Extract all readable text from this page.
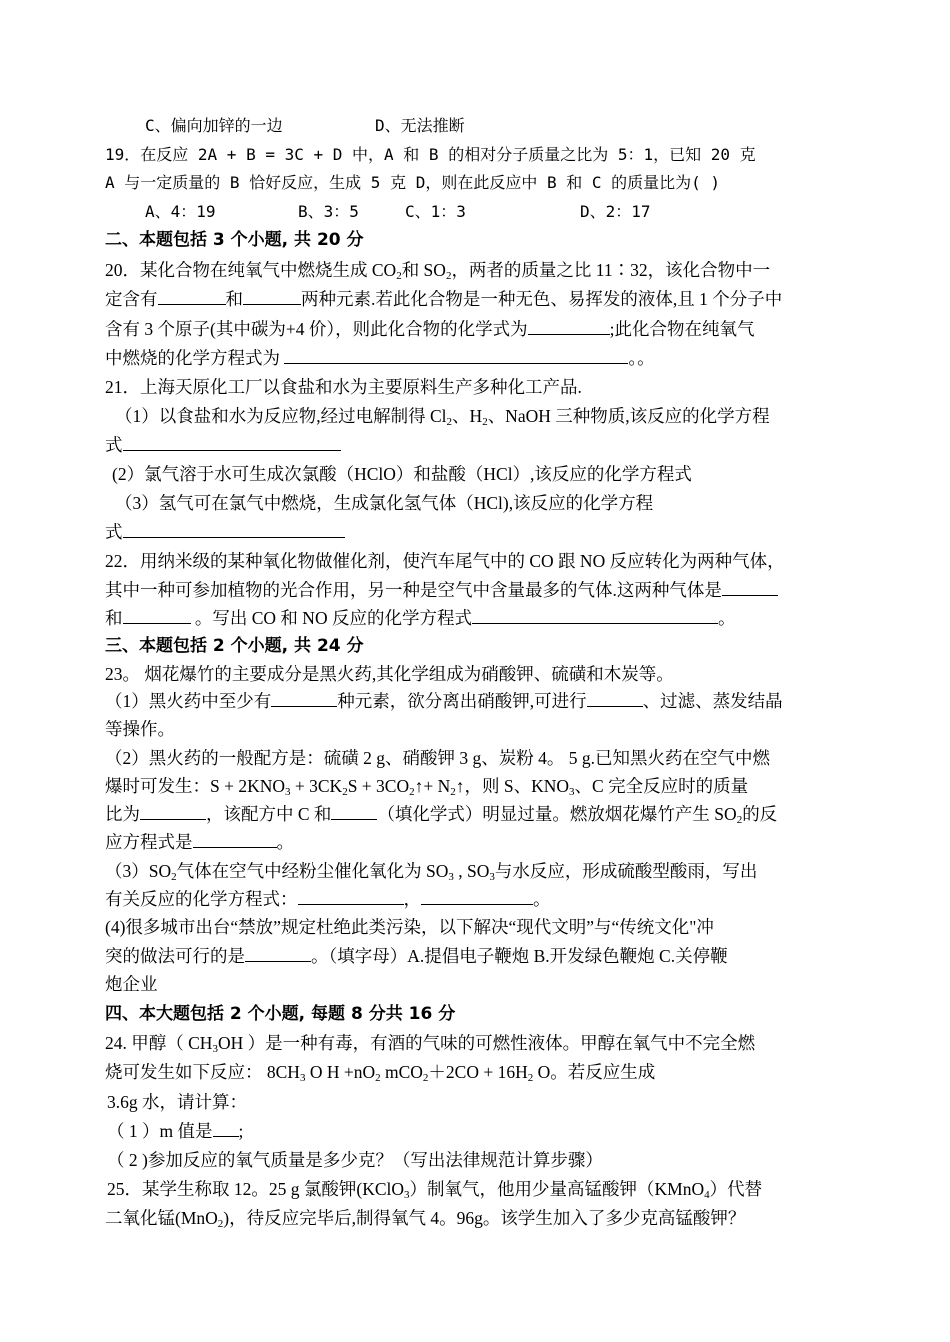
C、偏向加锌的一边	D、无法推断
19．在反应 2A + B = 3C + D 中，A 和 B 的相对分子质量之比为 5：1，已知 20 克
A 与一定质量的 B 恰好反应，生成 5 克 D，则在此反应中 B 和 C 的质量比为( )
A、4：19	B、3：5	C、1：3	D、2：17
二、本题包括 3 个小题, 共 20 分
20．某化合物在纯氧气中燃烧生成 $CO_2$和 $SO_2$，两者的质量之比 11∶32，该化合物中一
定含有	和	两种元素.若此化合物是一种无色、易挥发的液体,且 1 个分子中
含有 3 个原子(其中碳为+4 价），则此化合物的化学式为	;此化合物在纯氧气
中燃烧的化学方程式为	。。
21．上海天原化工厂以食盐和水为主要原料生产多种化工产品.
（1）以食盐和水为反应物,经过电解制得 $Cl_2$、$H_2$、NaOH 三种物质,该反应的化学方程
式
(2）氯气溶于水可生成次氯酸（HClO）和盐酸（HCl）,该反应的化学方程式
（3）氢气可在氯气中燃烧，生成氯化氢气体（HCl),该反应的化学方程
式
22．用纳米级的某种氧化物做催化剂，使汽车尾气中的 CO 跟 NO 反应转化为两种气体，
其中一种可参加植物的光合作用，另一种是空气中含量最多的气体.这两种气体是
和	。写出 CO 和 NO 反应的化学方程式	。
三、本题包括 2 个小题, 共 24 分
23。 烟花爆竹的主要成分是黑火药,其化学组成为硝酸钾、硫磺和木炭等。
（1）黑火药中至少有	种元素，欲分离出硝酸钾,可进行	、过滤、蒸发结晶
等操作。
（2）黑火药的一般配方是：硫磺 2 g、硝酸钾 3 g、炭粉 4。 5 g.已知黑火药在空气中燃
爆时可发生：$S + 2KNO_3 + 3CK_2S$ + $3CO_2↑+$ $N_2↑$，则 S、$KNO_3$、C 完全反应时的质量
比为	，该配方中 C 和	（填化学式）明显过量。燃放烟花爆竹产生 $SO_2$的反
应方程式是	。
$(3)SO_2$气体在空气中经粉尘催化氧化为 $SO_3$ , $SO_3$与水反应，形成硫酸型酸雨，写出
有关反应的化学方程式：	，	。
(4)很多城市出台“禁放”规定杜绝此类污染，以下解决“现代文明”与“传统文化"冲
突的做法可行的是	。（填字母）A.提倡电子鞭炮 B.开发绿色鞭炮 C.关停鞭
炮企业
四、本大题包括 2 个小题, 每题 8 分共 16 分
24. 甲醇（ $CH_3OH$ ）是一种有毒，有酒的气味的可燃性液体。甲醇在氧气中不完全燃
烧可发生如下反应： $8CH_3$ O $H +nO_2$ $mCO_2+2CO + 16H_2$ O。若反应生成
3.6g 水，请计算：
（ 1 ）m 值是 ;
（ 2 )参加反应的氧气质量是多少克？（写出法律规范计算步骤）
25．某学生称取 12。25 g 氯酸钾(KClO$_3$）制氧气，他用少量高锰酸钾（KMnO$_4$）代替
二氧化锰(MnO$_2$)，待反应完毕后,制得氧气 4。96g。该学生加入了多少克高锰酸钾？
